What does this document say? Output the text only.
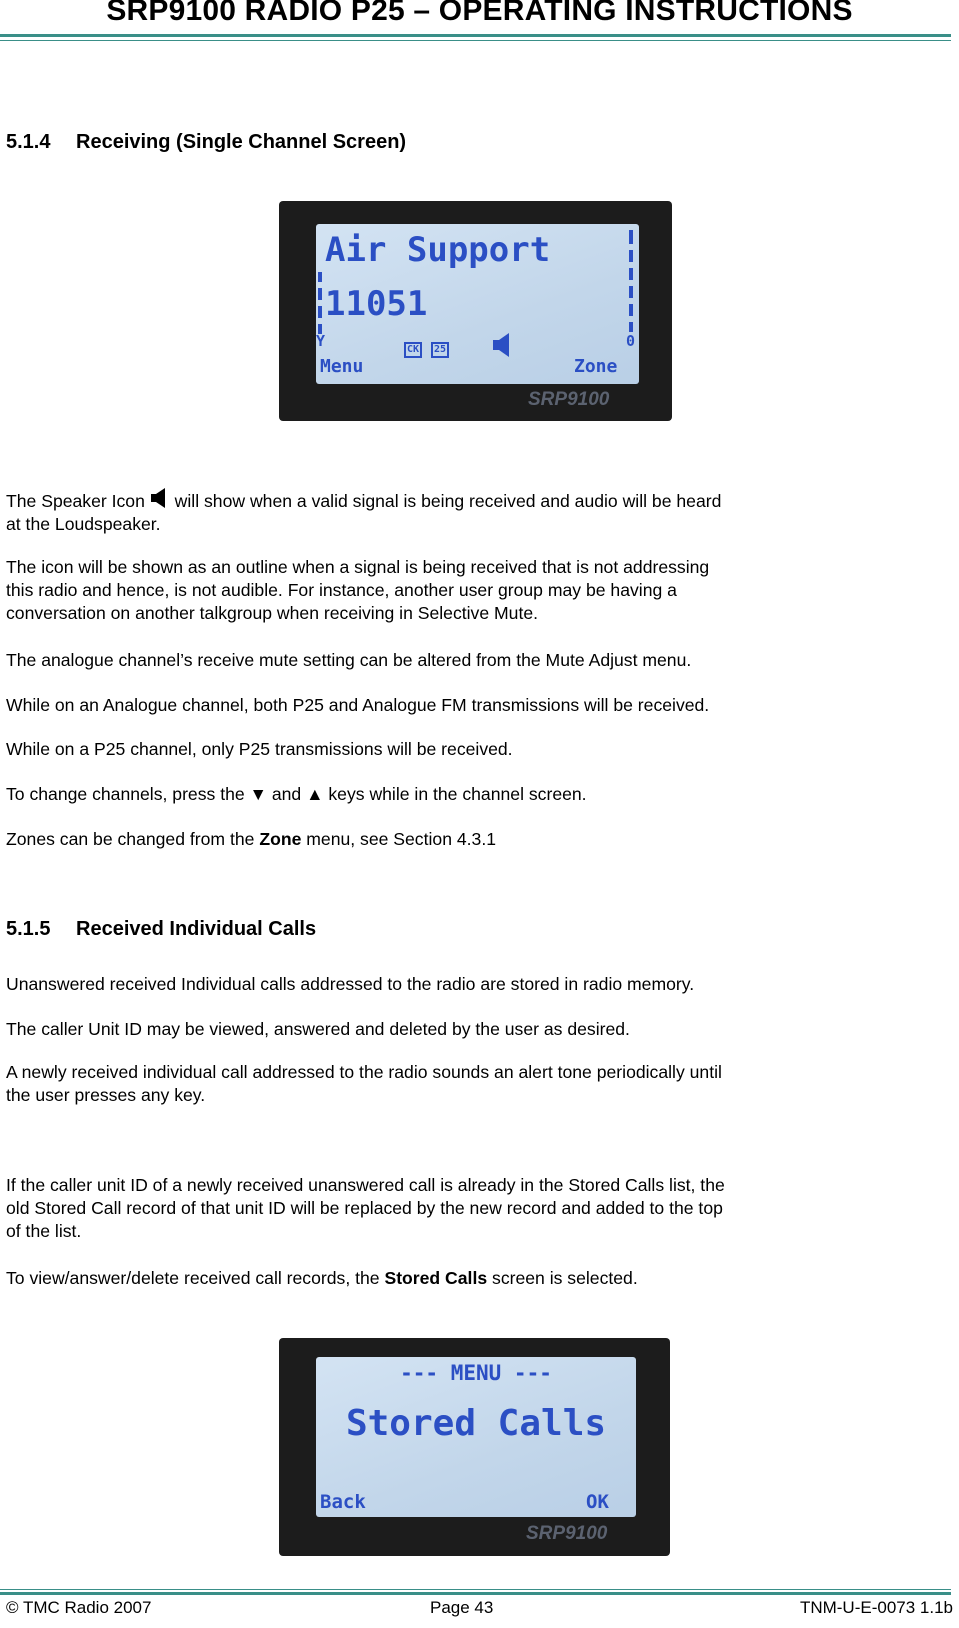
SRP9100 RADIO P25 – OPERATING INSTRUCTIONS
5.1.4 Receiving (Single Channel Screen)
Air Support
11051
Y	0
CK	25
Menu	Zone
SRP9100
The Speaker Icon will show when a valid signal is being received and audio will be heard
at the Loudspeaker.
The icon will be shown as an outline when a signal is being received that is not addressing
this radio and hence, is not audible. For instance, another user group may be having a
conversation on another talkgroup when receiving in Selective Mute.
The analogue channel’s receive mute setting can be altered from the Mute Adjust menu.
While on an Analogue channel, both P25 and Analogue FM transmissions will be received.
While on a P25 channel, only P25 transmissions will be received.
To change channels, press the ▼ and ▲ keys while in the channel screen.
Zones can be changed from the Zone menu, see Section 4.3.1
5.1.5 Received Individual Calls
Unanswered received Individual calls addressed to the radio are stored in radio memory.
The caller Unit ID may be viewed, answered and deleted by the user as desired.
A newly received individual call addressed to the radio sounds an alert tone periodically until
the user presses any key.
If the caller unit ID of a newly received unanswered call is already in the Stored Calls list, the
old Stored Call record of that unit ID will be replaced by the new record and added to the top
of the list.
To view/answer/delete received call records, the Stored Calls screen is selected.
--- MENU ---
Stored Calls
Back	OK
SRP9100
© TMC Radio 2007	Page 43	TNM-U-E-0073 1.1b
